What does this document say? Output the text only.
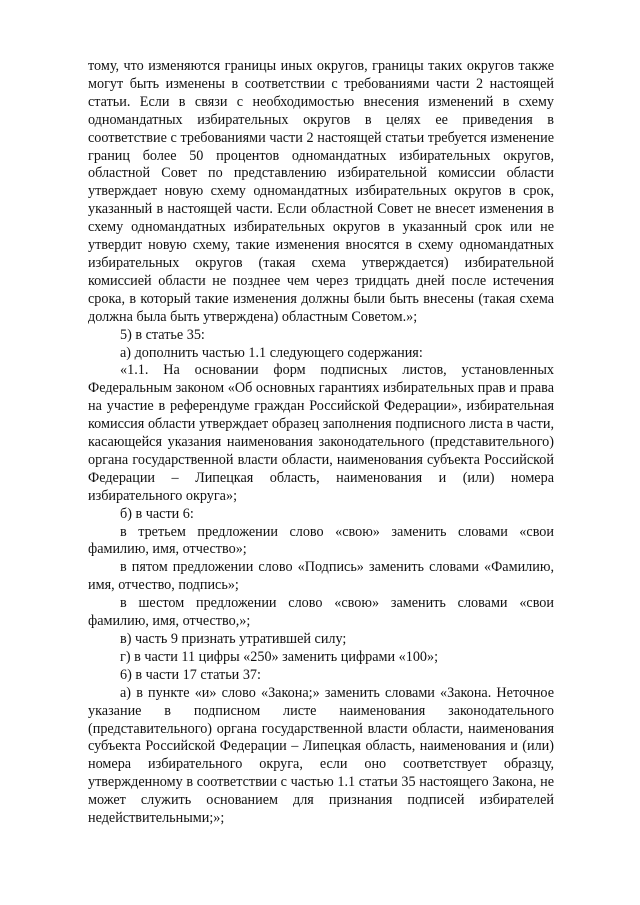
тому, что изменяются границы иных округов, границы таких округов также могут быть изменены в соответствии с требованиями части 2 настоящей статьи. Если в связи с необходимостью внесения изменений в схему одномандатных избирательных округов в целях ее приведения в соответствие с требованиями части 2 настоящей статьи требуется изменение границ более 50 процентов одномандатных избирательных округов, областной Совет по представлению избирательной комиссии области утверждает новую схему одномандатных избирательных округов в срок, указанный в настоящей части. Если областной Совет не внесет изменения в схему одномандатных избирательных округов в указанный срок или не утвердит новую схему, такие изменения вносятся в схему одномандатных избирательных округов (такая схема утверждается) избирательной комиссией области не позднее чем через тридцать дней после истечения срока, в который такие изменения должны были быть внесены (такая схема должна была быть утверждена) областным Советом.»;

5) в статье 35:

а) дополнить частью 1.1 следующего содержания:

«1.1. На основании форм подписных листов, установленных Федеральным законом «Об основных гарантиях избирательных прав и права на участие в референдуме граждан Российской Федерации», избирательная комиссия области утверждает образец заполнения подписного листа в части, касающейся указания наименования законодательного (представительного) органа государственной власти области, наименования субъекта Российской Федерации – Липецкая область, наименования и (или) номера избирательного округа»;

б) в части 6:

в третьем предложении слово «свою» заменить словами «свои фамилию, имя, отчество»;

в пятом предложении слово «Подпись» заменить словами «Фамилию, имя, отчество, подпись»;

в шестом предложении слово «свою» заменить словами «свои фамилию, имя, отчество,»;

в) часть 9 признать утратившей силу;

г) в части 11 цифры «250» заменить цифрами «100»;

6) в части 17 статьи 37:

а) в пункте «и» слово «Закона;» заменить словами «Закона. Неточное указание в подписном листе наименования законодательного (представительного) органа государственной власти области, наименования субъекта Российской Федерации – Липецкая область, наименования и (или) номера избирательного округа, если оно соответствует образцу, утвержденному в соответствии с частью 1.1 статьи 35 настоящего Закона, не может служить основанием для признания подписей избирателей недействительными;»;
